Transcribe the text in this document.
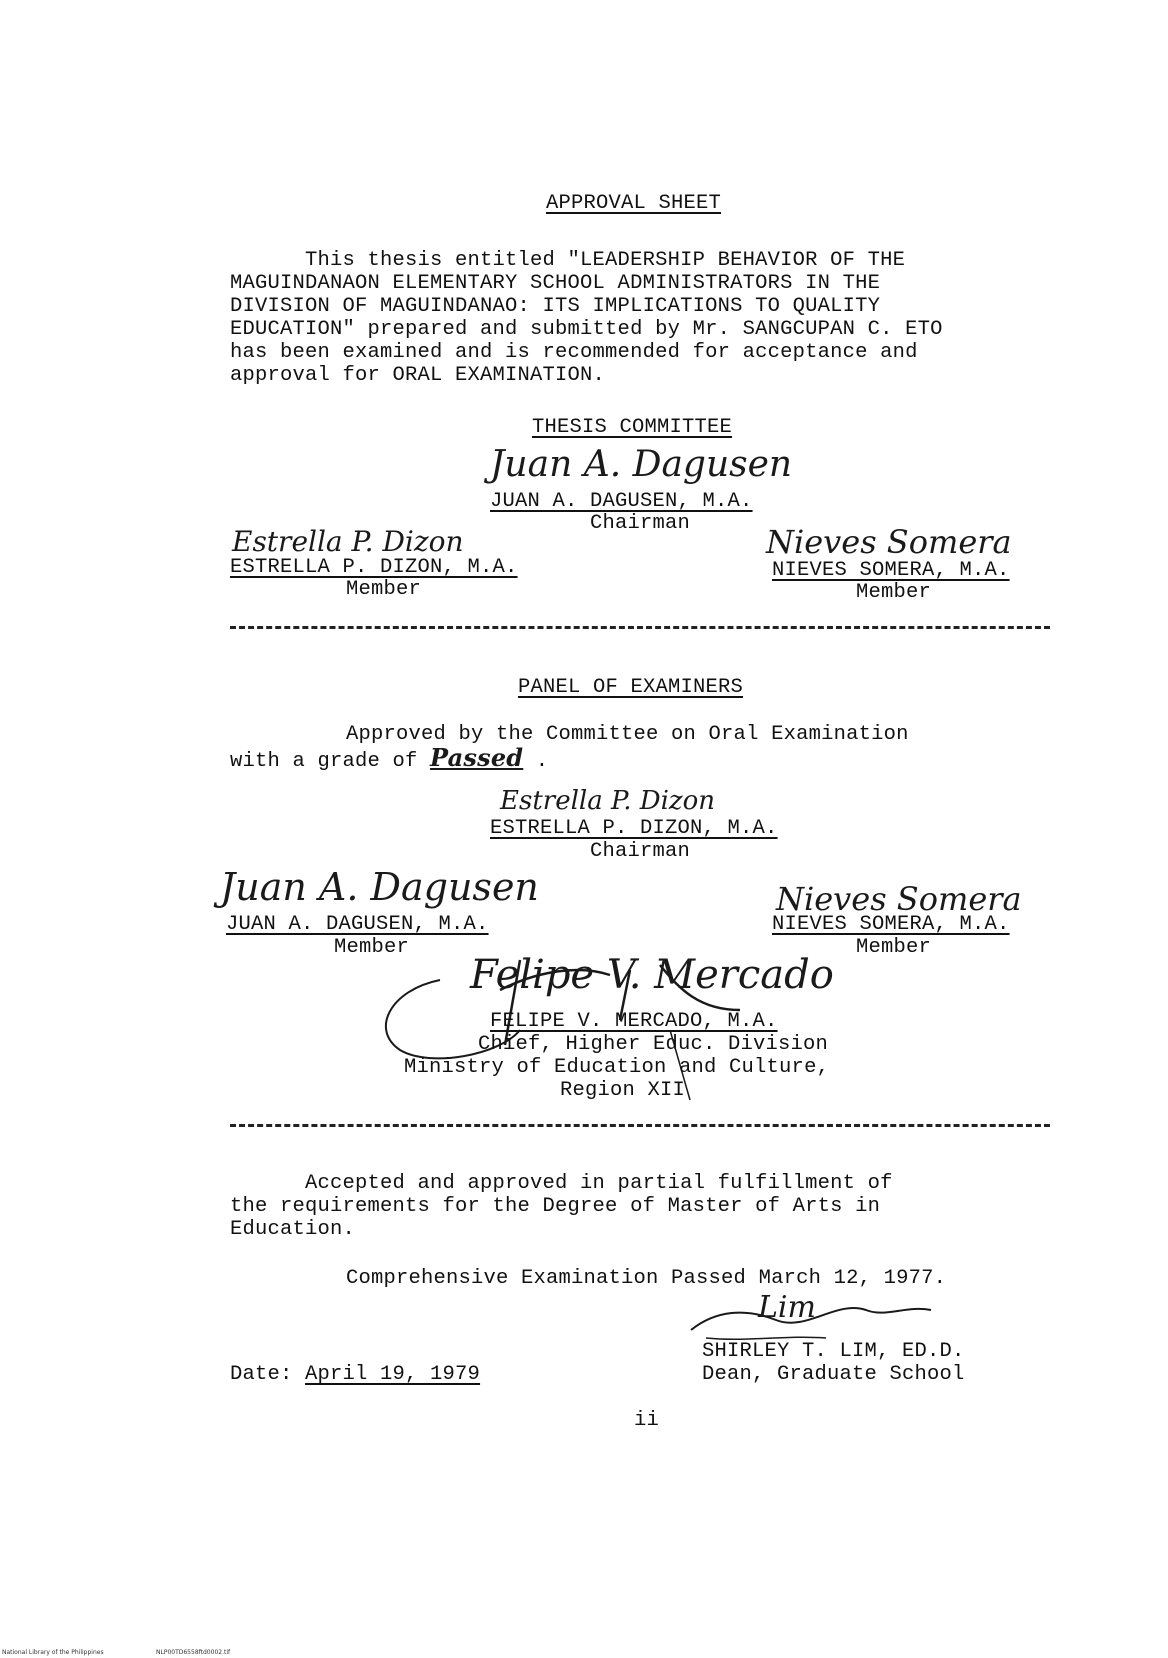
APPROVAL SHEET
This thesis entitled "LEADERSHIP BEHAVIOR OF THE
MAGUINDANAON ELEMENTARY SCHOOL ADMINISTRATORS IN THE
DIVISION OF MAGUINDANAO: ITS IMPLICATIONS TO QUALITY
EDUCATION" prepared and submitted by Mr. SANGCUPAN C. ETO
has been examined and is recommended for acceptance and
approval for ORAL EXAMINATION.
THESIS COMMITTEE
Juan A. Dagusen
JUAN A. DAGUSEN, M.A.
Chairman
Estrella P. Dizon
ESTRELLA P. DIZON, M.A.
Member
Nieves Somera
NIEVES SOMERA, M.A.
Member
PANEL OF EXAMINERS
Approved by the Committee on Oral Examination
with a grade of Passed .
Estrella P. Dizon
ESTRELLA P. DIZON, M.A.
Chairman
Juan A. Dagusen
JUAN A. DAGUSEN, M.A.
Member
Nieves Somera
NIEVES SOMERA, M.A.
Member
Felipe V. Mercado
FELIPE V. MERCADO, M.A.
Chief, Higher Educ. Division
Ministry of Education and Culture,
Region XII
Accepted and approved in partial fulfillment of
the requirements for the Degree of Master of Arts in
Education.
Comprehensive Examination Passed March 12, 1977.
Lim
SHIRLEY T. LIM, ED.D.
Dean, Graduate School
Date: April 19, 1979
ii
National Library of the Philippines	NLP00TD6558ftd0002.tif
